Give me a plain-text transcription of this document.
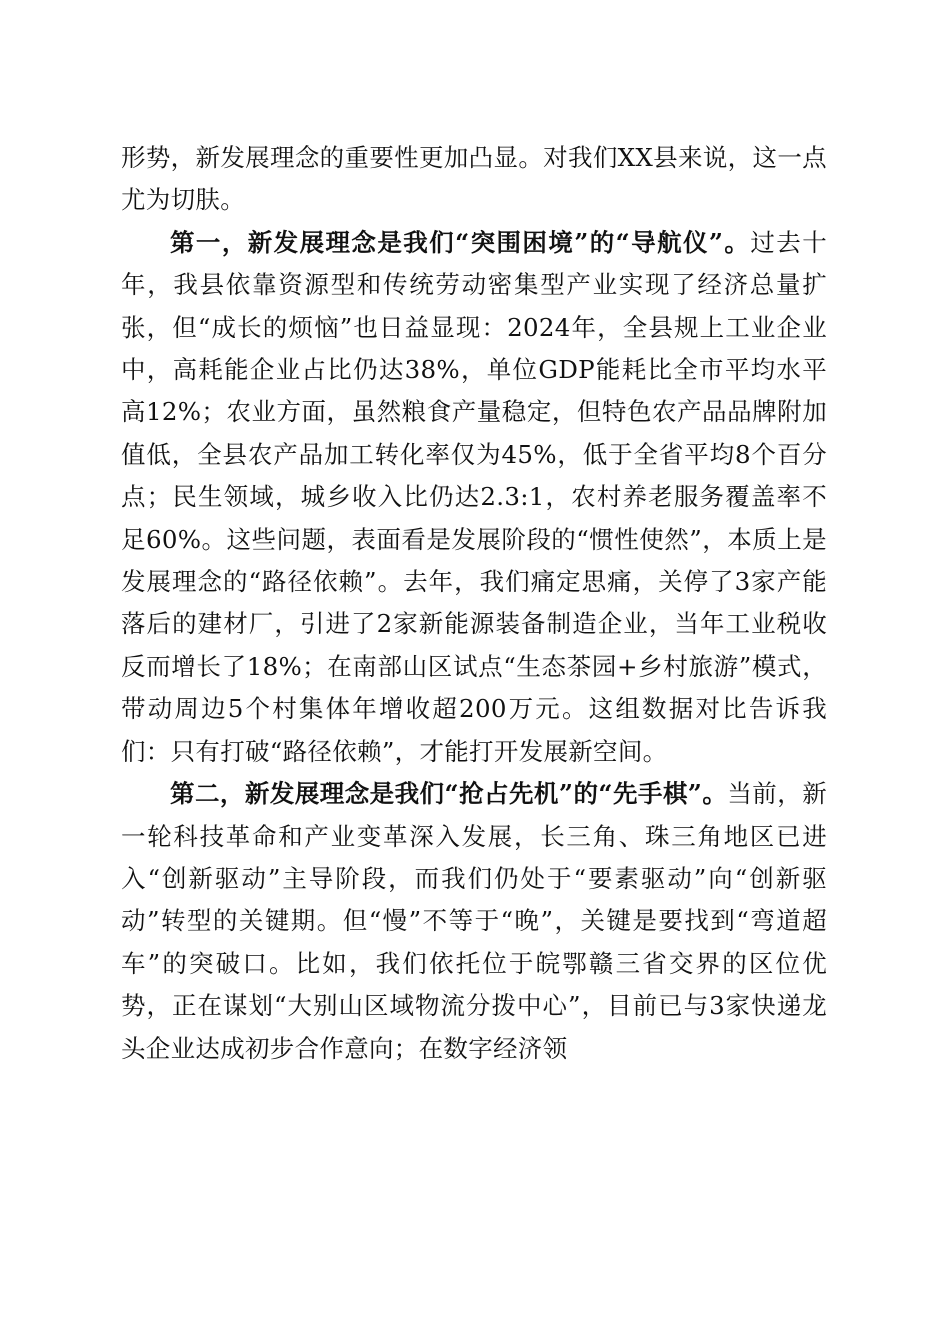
形势，新发展理念的重要性更加凸显。对我们XX县来说，这一点尤为切肤。

第一，新发展理念是我们“突围困境”的“导航仪”。过去十年，我县依靠资源型和传统劳动密集型产业实现了经济总量扩张，但“成长的烦恼”也日益显现：2024年，全县规上工业企业中，高耗能企业占比仍达38%，单位GDP能耗比全市平均水平高12%；农业方面，虽然粮食产量稳定，但特色农产品品牌附加值低，全县农产品加工转化率仅为45%，低于全省平均8个百分点；民生领域，城乡收入比仍达2.3:1，农村养老服务覆盖率不足60%。这些问题，表面看是发展阶段的“惯性使然”，本质上是发展理念的“路径依赖”。去年，我们痛定思痛，关停了3家产能落后的建材厂，引进了2家新能源装备制造企业，当年工业税收反而增长了18%；在南部山区试点“生态茶园+乡村旅游”模式，带动周边5个村集体年增收超200万元。这组数据对比告诉我们：只有打破“路径依赖”，才能打开发展新空间。

第二，新发展理念是我们“抢占先机”的“先手棋”。当前，新一轮科技革命和产业变革深入发展，长三角、珠三角地区已进入“创新驱动”主导阶段，而我们仍处于“要素驱动”向“创新驱动”转型的关键期。但“慢”不等于“晚”，关键是要找到“弯道超车”的突破口。比如，我们依托位于皖鄂赣三省交界的区位优势，正在谋划“大别山区域物流分拨中心”，目前已与3家快递龙头企业达成初步合作意向；在数字经济领
